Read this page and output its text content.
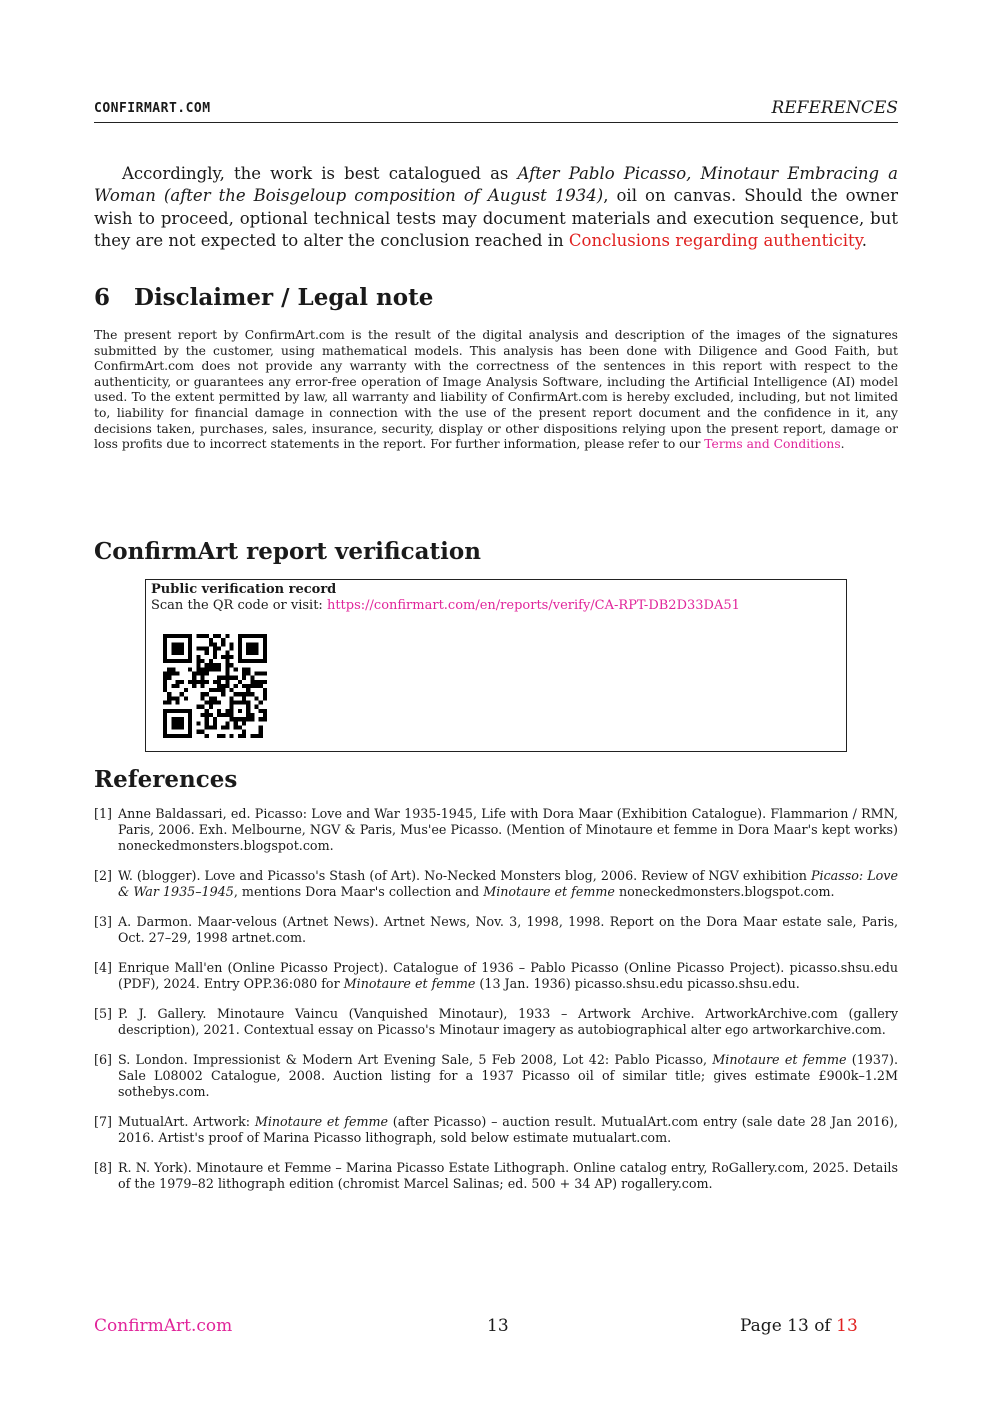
CONFIRMART.COM	REFERENCES

Accordingly, the work is best catalogued as After Pablo Picasso, Minotaur Embracing a Woman (after the Boisgeloup composition of August 1934), oil on canvas. Should the owner wish to proceed, optional technical tests may document materials and execution sequence, but they are not expected to alter the conclusion reached in Conclusions regarding authenticity.

6 Disclaimer / Legal note

The present report by ConfirmArt.com is the result of the digital analysis and description of the images of the signatures submitted by the customer, using mathematical models. This analysis has been done with Diligence and Good Faith, but ConfirmArt.com does not provide any warranty with the correctness of the sentences in this report with respect to the authenticity, or guarantees any error-free operation of Image Analysis Software, including the Artificial Intelligence (AI) model used. To the extent permitted by law, all warranty and liability of ConfirmArt.com is hereby excluded, including, but not limited to, liability for financial damage in connection with the use of the present report document and the confidence in it, any decisions taken, purchases, sales, insurance, security, display or other dispositions relying upon the present report, damage or loss profits due to incorrect statements in the report. For further information, please refer to our Terms and Conditions.

ConfirmArt report verification
Public verification record
Scan the QR code or visit: https://confirmart.com/en/reports/verify/CA-RPT-DB2D33DA51
References
[1] Anne Baldassari, ed. Picasso: Love and War 1935-1945, Life with Dora Maar (Exhibition Catalogue). Flammarion / RMN, Paris, 2006. Exh. Melbourne, NGV & Paris, Mus'ee Picasso. (Mention of Minotaure et femme in Dora Maar's kept works) noneckedmonsters.blogspot.com.
[2] W. (blogger). Love and Picasso's Stash (of Art). No-Necked Monsters blog, 2006. Review of NGV exhibition Picasso: Love & War 1935–1945, mentions Dora Maar's collection and Minotaure et femme noneckedmonsters.blogspot.com.
[3] A. Darmon. Maar-velous (Artnet News). Artnet News, Nov. 3, 1998, 1998. Report on the Dora Maar estate sale, Paris, Oct. 27–29, 1998 artnet.com.
[4] Enrique Mall'en (Online Picasso Project). Catalogue of 1936 – Pablo Picasso (Online Picasso Project). picasso.shsu.edu (PDF), 2024. Entry OPP.36:080 for Minotaure et femme (13 Jan. 1936) picasso.shsu.edu picasso.shsu.edu.
[5] P. J. Gallery. Minotaure Vaincu (Vanquished Minotaur), 1933 – Artwork Archive. ArtworkArchive.com (gallery description), 2021. Contextual essay on Picasso's Minotaur imagery as autobiographical alter ego artworkarchive.com.
[6] S. London. Impressionist & Modern Art Evening Sale, 5 Feb 2008, Lot 42: Pablo Picasso, Minotaure et femme (1937). Sale L08002 Catalogue, 2008. Auction listing for a 1937 Picasso oil of similar title; gives estimate £900k–1.2M sothebys.com.
[7] MutualArt. Artwork: Minotaure et femme (after Picasso) – auction result. MutualArt.com entry (sale date 28 Jan 2016), 2016. Artist's proof of Marina Picasso lithograph, sold below estimate mutualart.com.
[8] R. N. York). Minotaure et Femme – Marina Picasso Estate Lithograph. Online catalog entry, RoGallery.com, 2025. Details of the 1979–82 lithograph edition (chromist Marcel Salinas; ed. 500 + 34 AP) rogallery.com.
ConfirmArt.com	13	Page 13 of 13
